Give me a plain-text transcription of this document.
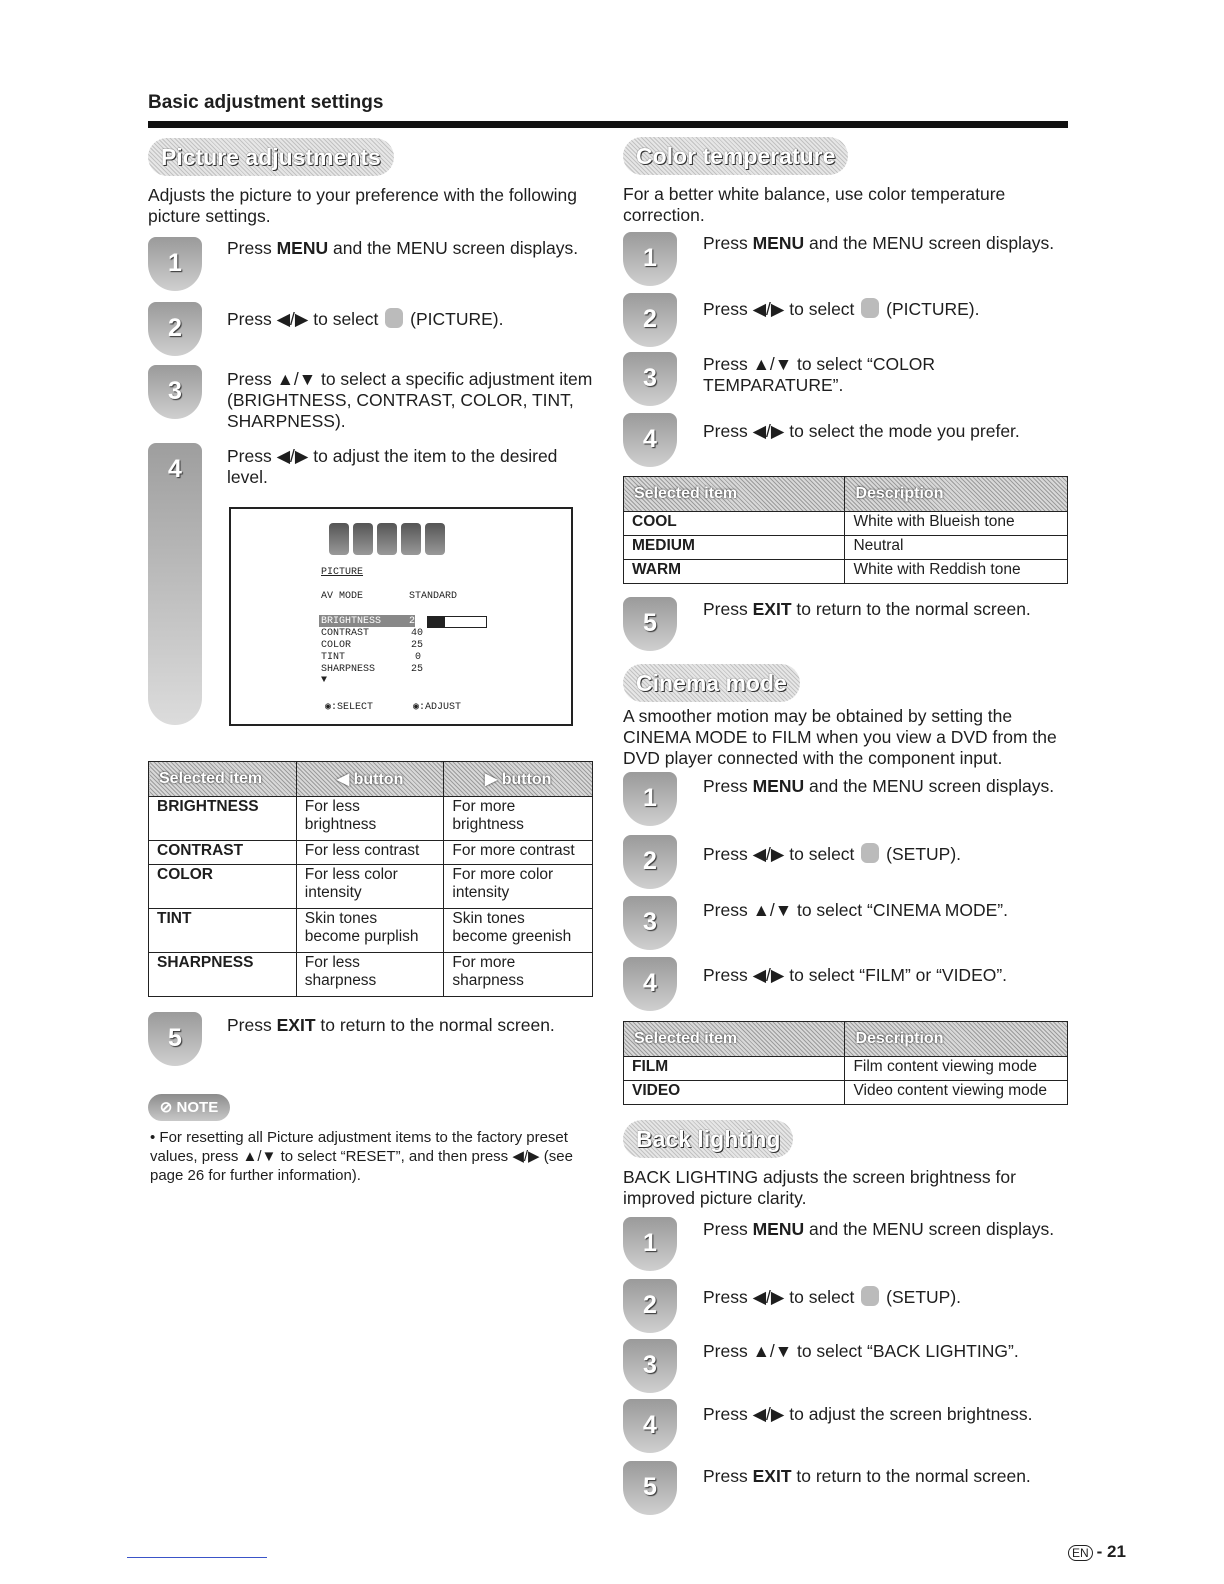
Basic adjustment settings
Picture adjustments

Adjusts the picture to your preference with the following picture settings.

1
Press MENU and the MENU screen displays.
2	Press ◀/▶ to select  (PICTURE).
3	Press ▲/▼ to select a specific adjustment item (BRIGHTNESS, CONTRAST, COLOR, TINT, SHARPNESS).
4	Press ◀/▶ to adjust the item to the desired level.
PICTURE
AV MODE	STANDARD
BRIGHTNESS	25
CONTRAST	40
COLOR	25
TINT	0
SHARPNESS	25
▼
◉:SELECT	◉:ADJUST
Selected item	◀ button	▶ button
BRIGHTNESS	For less brightness	For more brightness
CONTRAST	For less contrast	For more contrast
COLOR	For less color intensity	For more color intensity
TINT	Skin tones become purplish	Skin tones become greenish
SHARPNESS	For less sharpness	For more sharpness
5	Press EXIT to return to the normal screen.
⊘ NOTE
• For resetting all Picture adjustment items to the factory preset values, press ▲/▼ to select “RESET”, and then press ◀/▶ (see page 26 for further information).
Color temperature

For a better white balance, use color temperature correction.

1
Press MENU and the MENU screen displays.
2	Press ◀/▶ to select  (PICTURE).
3	Press ▲/▼ to select “COLOR TEMPARATURE”.
4	Press ◀/▶ to select the mode you prefer.
Selected item	Description
COOL	White with Blueish tone
MEDIUM	Neutral
WARM	White with Reddish tone
5	Press EXIT to return to the normal screen.
Cinema mode

A smoother motion may be obtained by setting the CINEMA MODE to FILM when you view a DVD from the DVD player connected with the component input.

1	Press MENU and the MENU screen displays.
2	Press ◀/▶ to select  (SETUP).
3	Press ▲/▼ to select “CINEMA MODE”.
4	Press ◀/▶ to select “FILM” or “VIDEO”.
Selected item	Description
FILM	Film content viewing mode
VIDEO	Video content viewing mode
Back lighting

BACK LIGHTING adjusts the screen brightness for improved picture clarity.

1	Press MENU and the MENU screen displays.
2	Press ◀/▶ to select  (SETUP).
3	Press ▲/▼ to select “BACK LIGHTING”.
4	Press ◀/▶ to adjust the screen brightness.
5	Press EXIT to return to the normal screen.
EN - 21
